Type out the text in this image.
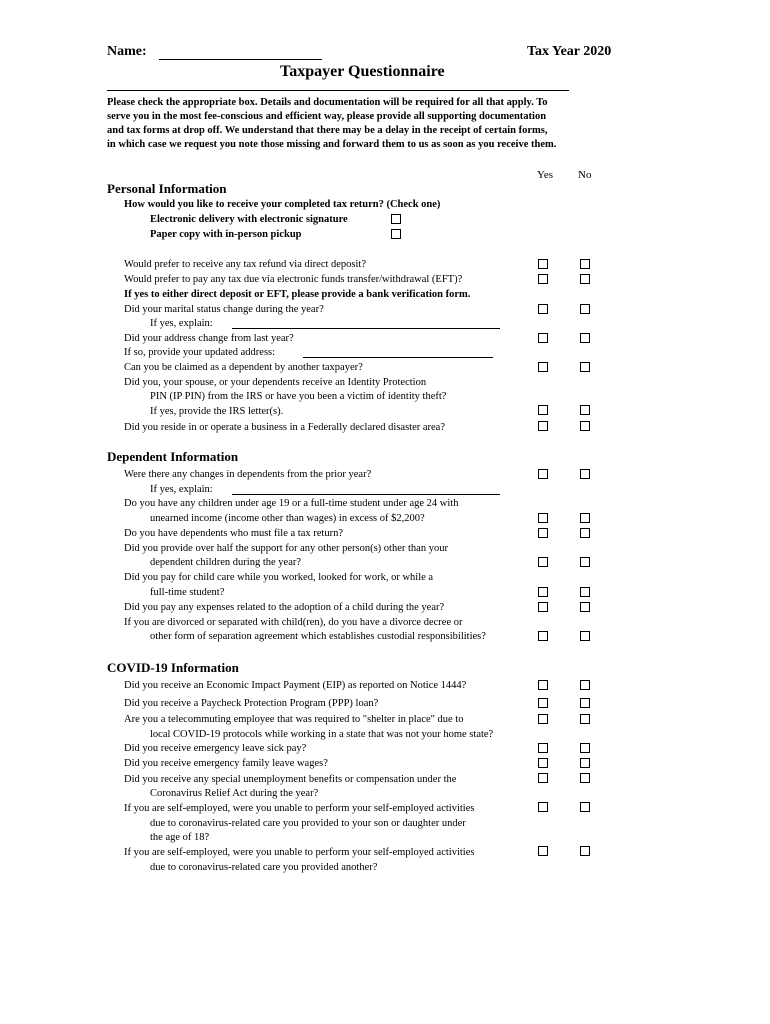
Name:	Tax Year 2020
Taxpayer Questionnaire
Please check the appropriate box. Details and documentation will be required for all that apply. To
serve you in the most fee-conscious and efficient way, please provide all supporting documentation
and tax forms at drop off. We understand that there may be a delay in the receipt of certain forms,
in which case we request you note those missing and forward them to us as soon as you receive them.
Yes No
Personal Information
How would you like to receive your completed tax return? (Check one)
Electronic delivery with electronic signature
Paper copy with in-person pickup
Would prefer to receive any tax refund via direct deposit?
Would prefer to pay any tax due via electronic funds transfer/withdrawal (EFT)?
If yes to either direct deposit or EFT, please provide a bank verification form.
Did your marital status change during the year?
If yes, explain:
Did your address change from last year?
If so, provide your updated address:
Can you be claimed as a dependent by another taxpayer?
Did you, your spouse, or your dependents receive an Identity Protection
PIN (IP PIN) from the IRS or have you been a victim of identity theft?
If yes, provide the IRS letter(s).
Did you reside in or operate a business in a Federally declared disaster area?
Dependent Information
Were there any changes in dependents from the prior year?
If yes, explain:
Do you have any children under age 19 or a full-time student under age 24 with
unearned income (income other than wages) in excess of $2,200?
Do you have dependents who must file a tax return?
Did you provide over half the support for any other person(s) other than your
dependent children during the year?
Did you pay for child care while you worked, looked for work, or while a
full-time student?
Did you pay any expenses related to the adoption of a child during the year?
If you are divorced or separated with child(ren), do you have a divorce decree or
other form of separation agreement which establishes custodial responsibilities?
COVID-19 Information
Did you receive an Economic Impact Payment (EIP) as reported on Notice 1444?
Did you receive a Paycheck Protection Program (PPP) loan?
Are you a telecommuting employee that was required to "shelter in place" due to
local COVID-19 protocols while working in a state that was not your home state?
Did you receive emergency leave sick pay?
Did you receive emergency family leave wages?
Did you receive any special unemployment benefits or compensation under the
Coronavirus Relief Act during the year?
If you are self-employed, were you unable to perform your self-employed activities
due to coronavirus-related care you provided to your son or daughter under
the age of 18?
If you are self-employed, were you unable to perform your self-employed activities
due to coronavirus-related care you provided another?
